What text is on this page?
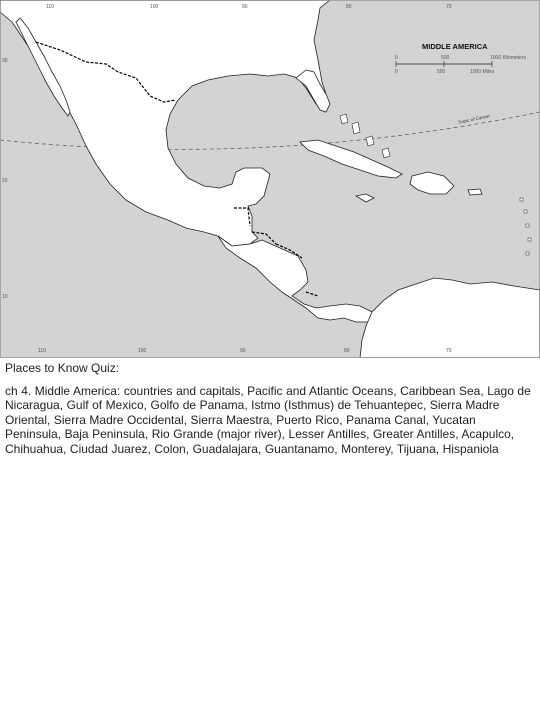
110	100	90	80	70
110	100	90	80	70
30
20
10
Tropic of Cancer
MIDDLE AMERICA
0	500	1000 Kilometers
0	500	1000 Miles

Places to Know Quiz:

ch 4. Middle America: countries and capitals, Pacific and Atlantic Oceans, Caribbean Sea, Lago de Nicaragua, Gulf of Mexico, Golfo de Panama, Istmo (Isthmus) de Tehuantepec, Sierra Madre Oriental, Sierra Madre Occidental, Sierra Maestra, Puerto Rico, Panama Canal, Yucatan Peninsula, Baja Peninsula, Rio Grande (major river), Lesser Antilles, Greater Antilles, Acapulco, Chihuahua, Ciudad Juarez, Colon, Guadalajara, Guantanamo, Monterey, Tijuana, Hispaniola
